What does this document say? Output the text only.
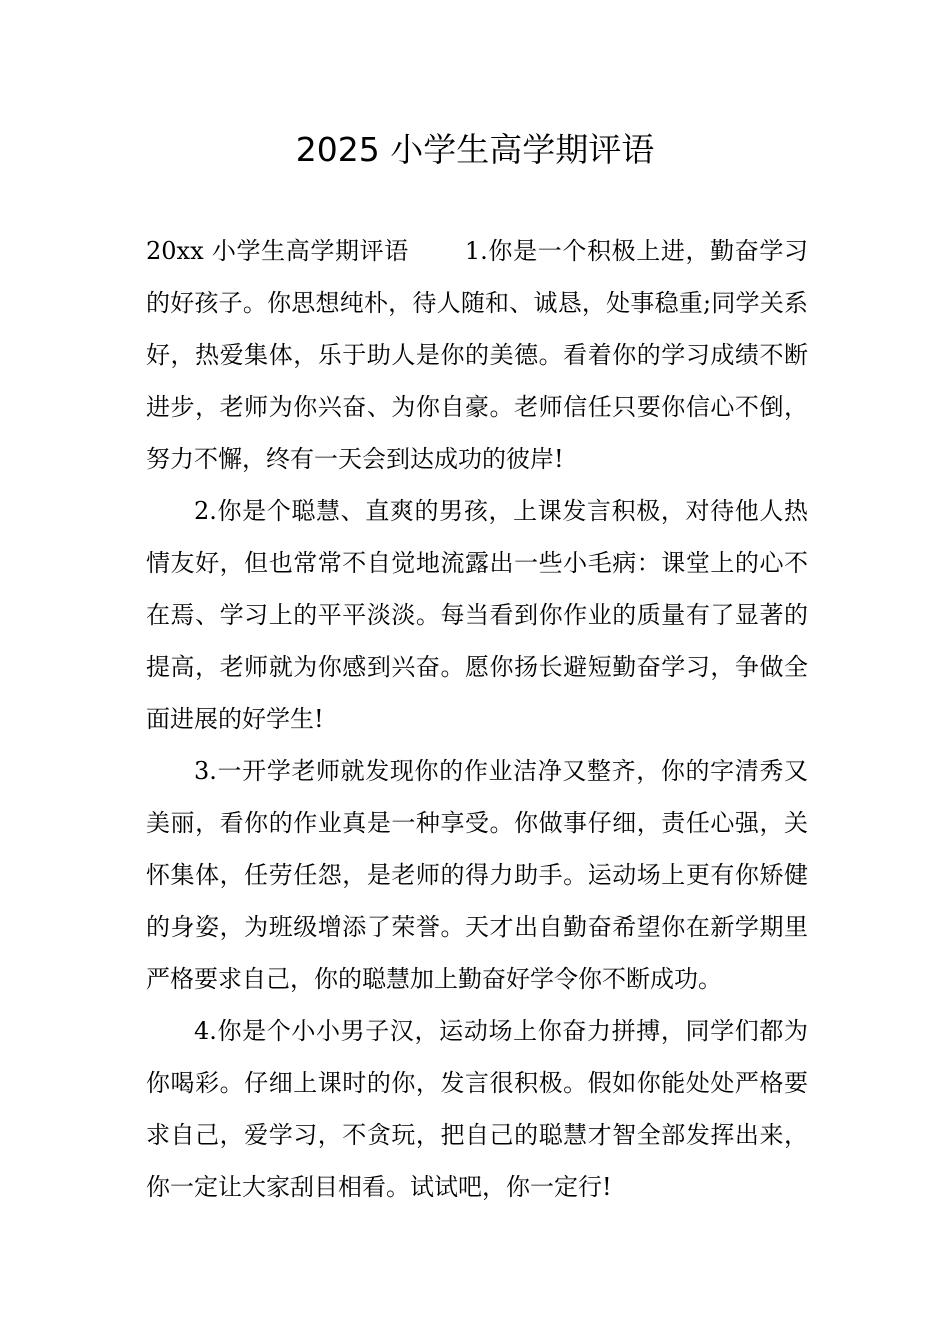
2025 小学生高学期评语

20xx 小学生高学期评语 1.你是一个积极上进，勤奋学习的好孩子。你思想纯朴，待人随和、诚恳，处事稳重;同学关系好，热爱集体，乐于助人是你的美德。看着你的学习成绩不断进步，老师为你兴奋、为你自豪。老师信任只要你信心不倒，努力不懈，终有一天会到达成功的彼岸!

2.你是个聪慧、直爽的男孩，上课发言积极，对待他人热情友好，但也常常不自觉地流露出一些小毛病：课堂上的心不在焉、学习上的平平淡淡。每当看到你作业的质量有了显著的提高，老师就为你感到兴奋。愿你扬长避短勤奋学习，争做全面进展的好学生!

3.一开学老师就发现你的作业洁净又整齐，你的字清秀又美丽，看你的作业真是一种享受。你做事仔细，责任心强，关怀集体，任劳任怨，是老师的得力助手。运动场上更有你矫健的身姿，为班级增添了荣誉。天才出自勤奋希望你在新学期里严格要求自己，你的聪慧加上勤奋好学令你不断成功。

4.你是个小小男子汉，运动场上你奋力拼搏，同学们都为你喝彩。仔细上课时的你，发言很积极。假如你能处处严格要求自己，爱学习，不贪玩，把自己的聪慧才智全部发挥出来，你一定让大家刮目相看。试试吧，你一定行!
